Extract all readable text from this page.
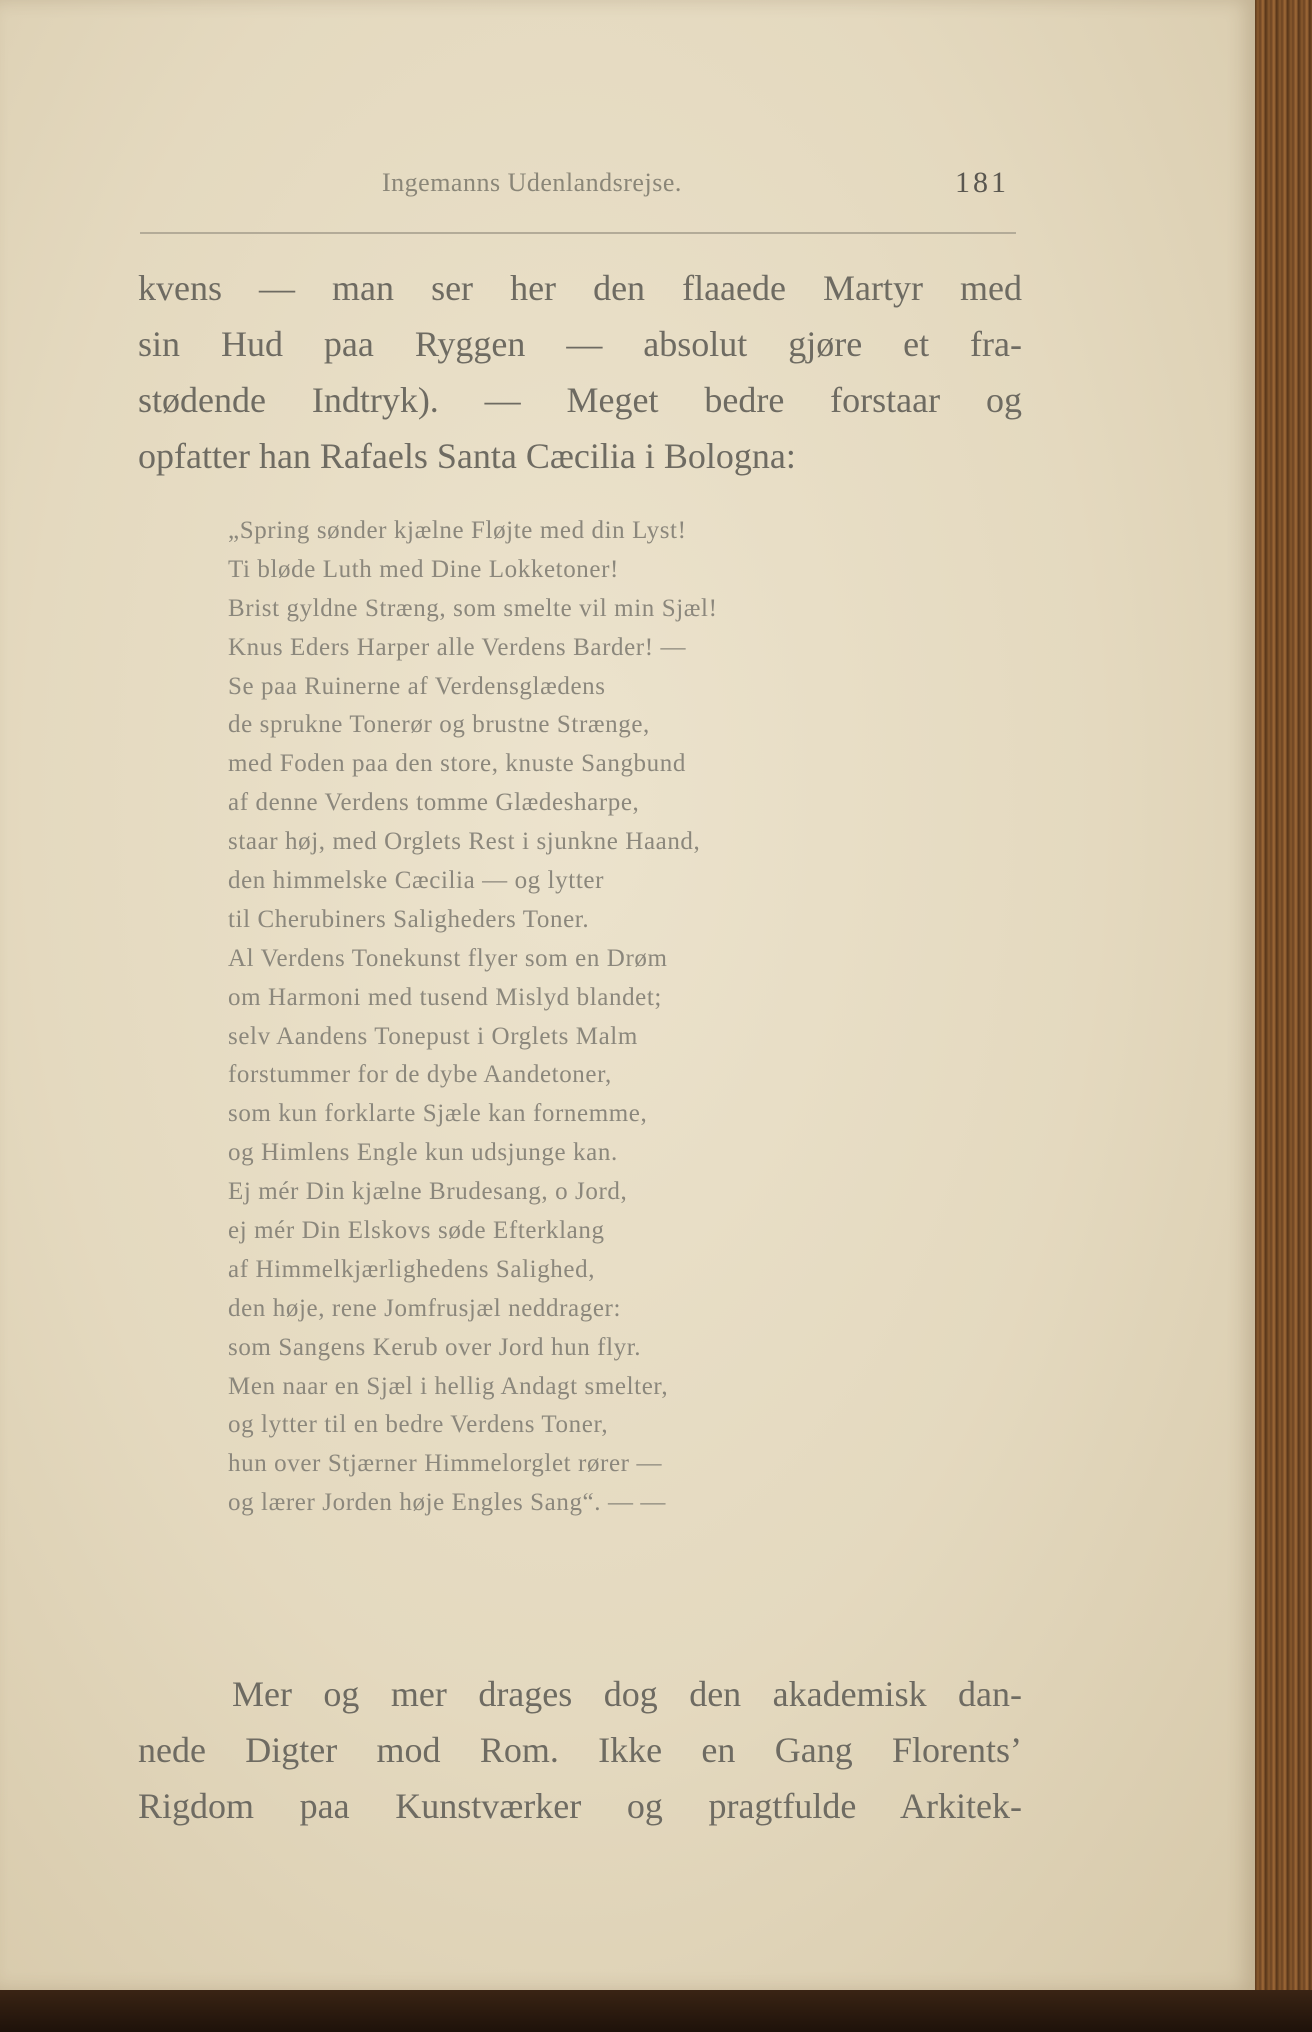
Ingemanns Udenlandsrejse.	181
kvens — man ser her den flaaede Martyr med
sin Hud paa Ryggen — absolut gjøre et fra-
stødende Indtryk). — Meget bedre forstaar og
opfatter han Rafaels Santa Cæcilia i Bologna:
„Spring sønder kjælne Fløjte med din Lyst!
Ti bløde Luth med Dine Lokketoner!
Brist gyldne Stræng, som smelte vil min Sjæl!
Knus Eders Harper alle Verdens Barder! —
Se paa Ruinerne af Verdensglædens
de sprukne Tonerør og brustne Strænge,
med Foden paa den store, knuste Sangbund
af denne Verdens tomme Glædesharpe,
staar høj, med Orglets Rest i sjunkne Haand,
den himmelske Cæcilia — og lytter
til Cherubiners Saligheders Toner.
Al Verdens Tonekunst flyer som en Drøm
om Harmoni med tusend Mislyd blandet;
selv Aandens Tonepust i Orglets Malm
forstummer for de dybe Aandetoner,
som kun forklarte Sjæle kan fornemme,
og Himlens Engle kun udsjunge kan.
Ej mér Din kjælne Brudesang, o Jord,
ej mér Din Elskovs søde Efterklang
af Himmelkjærlighedens Salighed,
den høje, rene Jomfrusjæl neddrager:
som Sangens Kerub over Jord hun flyr.
Men naar en Sjæl i hellig Andagt smelter,
og lytter til en bedre Verdens Toner,
hun over Stjærner Himmelorglet rører —
og lærer Jorden høje Engles Sang“. — —
Mer og mer drages dog den akademisk dan-
nede Digter mod Rom. Ikke en Gang Florents’
Rigdom paa Kunstværker og pragtfulde Arkitek-
